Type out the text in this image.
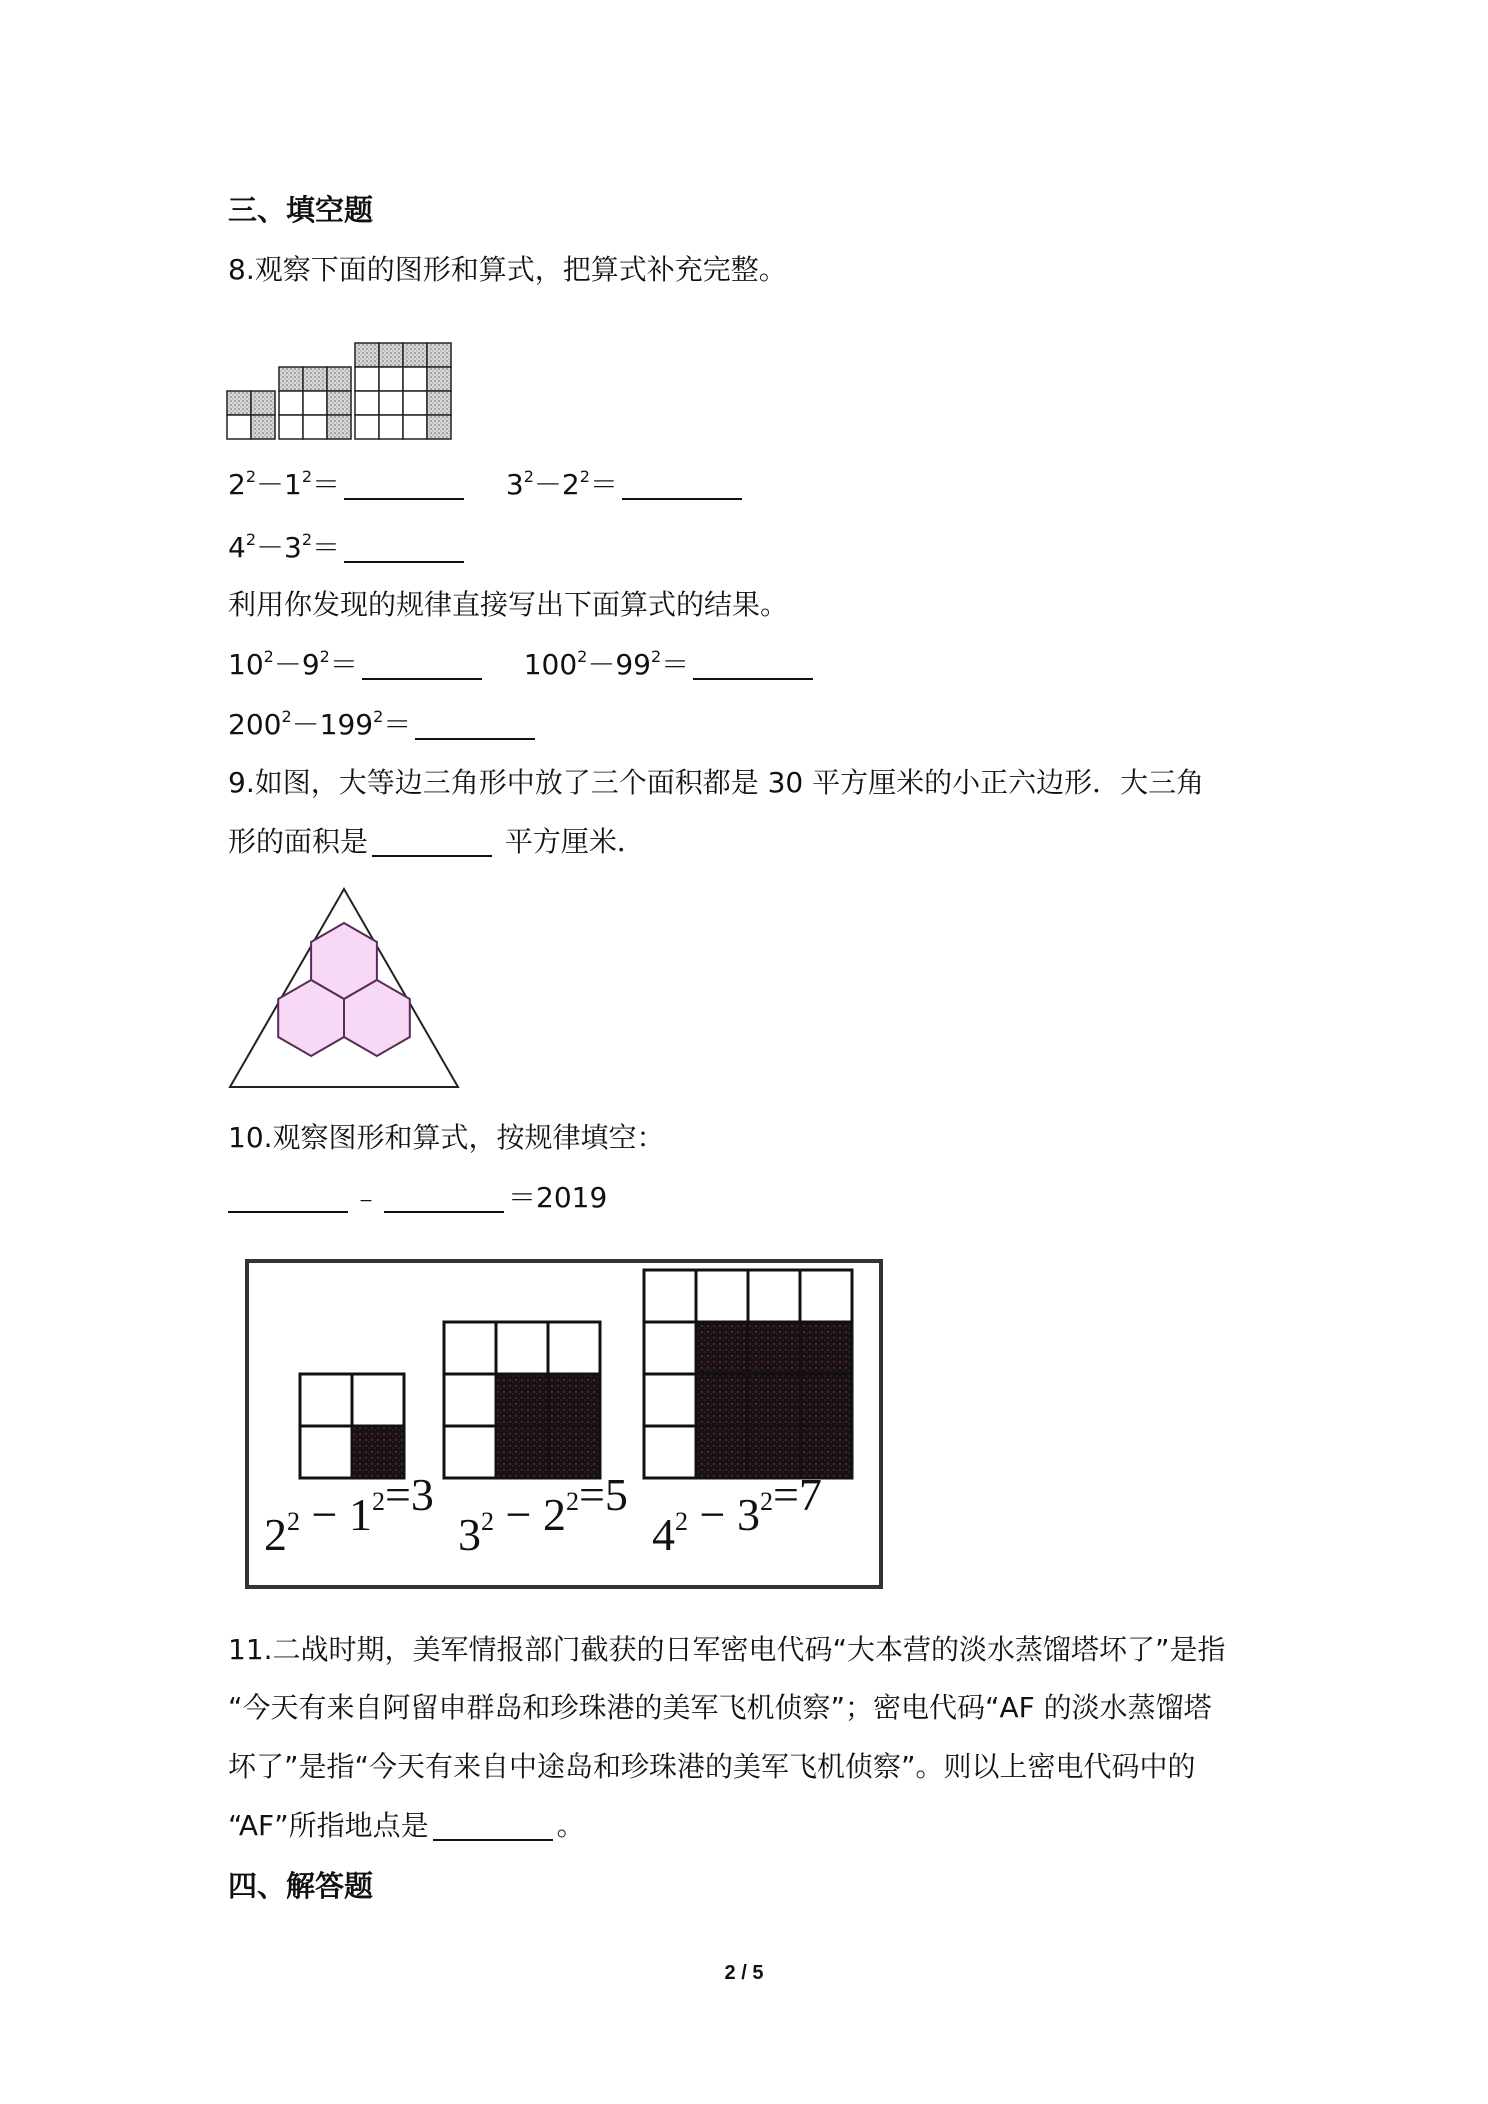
三、填空题
8.观察下面的图形和算式，把算式补充完整。
$2^2-1^2=$	$3^2-2^2=$
$4^2-3^2=$
利用你发现的规律直接写出下面算式的结果。
$10^2-9^2=$	$100^2-99^2=$
$200^2-199^2=$
9.如图，大等边三角形中放了三个面积都是 30 平方厘米的小正六边形．大三角
形的面积是	平方厘米．
10.观察图形和算式，按规律填空：
﹣	＝2019
$2^2 - 1^2=3$
$3^2 - 2^2=5$
$4^2 - 3^2=7$
11.二战时期，美军情报部门截获的日军密电代码“大本营的淡水蒸馏塔坏了”是指
“今天有来自阿留申群岛和珍珠港的美军飞机侦察”；密电代码“AF 的淡水蒸馏塔
坏了”是指“今天有来自中途岛和珍珠港的美军飞机侦察”。则以上密电代码中的
“AF”所指地点是	。
四、解答题
2 / 5
